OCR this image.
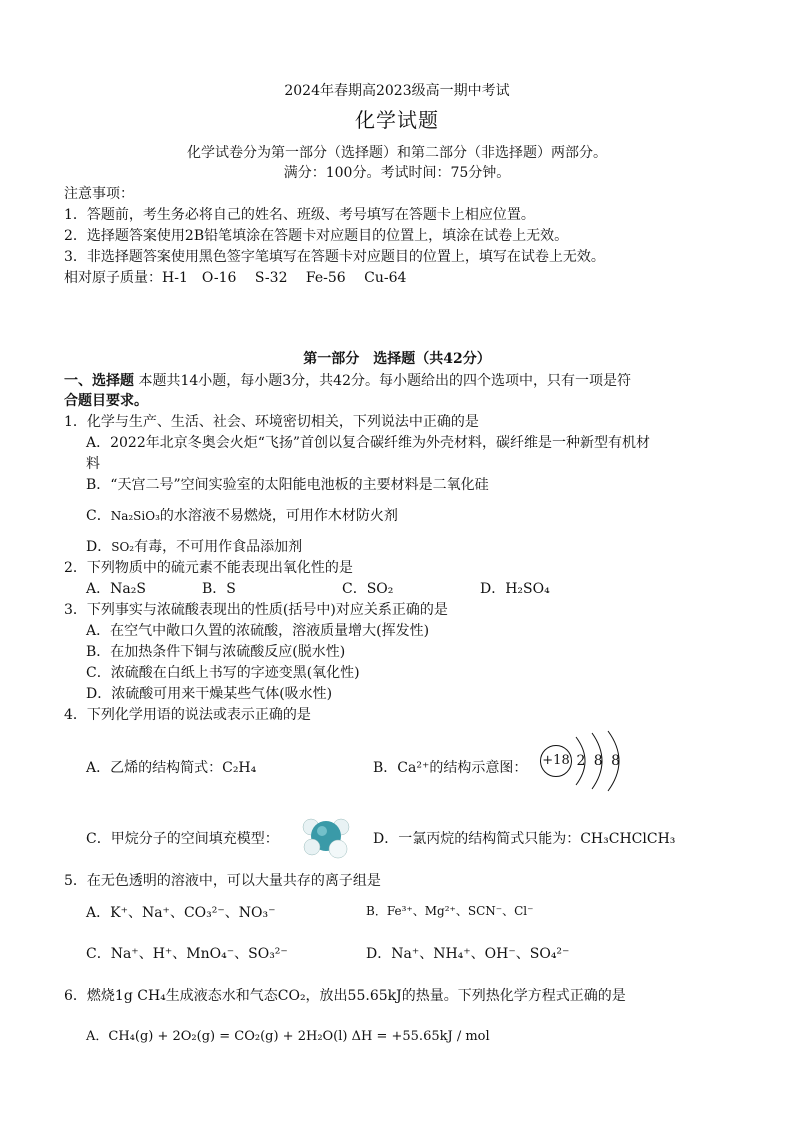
2024年春期高2023级高一期中考试
化学试题
化学试卷分为第一部分（选择题）和第二部分（非选择题）两部分。
满分：100分。考试时间：75分钟。
注意事项：
1．答题前，考生务必将自己的姓名、班级、考号填写在答题卡上相应位置。
2．选择题答案使用2B铅笔填涂在答题卡对应题目的位置上，填涂在试卷上无效。
3．非选择题答案使用黑色签字笔填写在答题卡对应题目的位置上，填写在试卷上无效。
相对原子质量：H-1　O-16　 S-32　 Fe-56　 Cu-64
第一部分　选择题（共42分）
一、选择题 本题共14小题，每小题3分，共42分。每小题给出的四个选项中，只有一项是符
合题目要求。
1．化学与生产、生活、社会、环境密切相关，下列说法中正确的是
A．2022年北京冬奥会火炬“飞扬”首创以复合碳纤维为外壳材料，碳纤维是一种新型有机材
料
B．“天宫二号”空间实验室的太阳能电池板的主要材料是二氧化硅
C．Na₂SiO₃的水溶液不易燃烧，可用作木材防火剂
D．SO₂有毒，不可用作食品添加剂
2．下列物质中的硫元素不能表现出氧化性的是
A．Na₂S	B．S	C．SO₂	D．H₂SO₄
3．下列事实与浓硫酸表现出的性质(括号中)对应关系正确的是
A．在空气中敞口久置的浓硫酸，溶液质量增大(挥发性)
B．在加热条件下铜与浓硫酸反应(脱水性)
C．浓硫酸在白纸上书写的字迹变黑(氧化性)
D．浓硫酸可用来干燥某些气体(吸水性)
4．下列化学用语的说法或表示正确的是
A．乙烯的结构简式：C₂H₄	B．Ca²⁺的结构示意图： +18 2 8 8
C．甲烷分子的空间填充模型：	D．一氯丙烷的结构简式只能为：CH₃CHClCH₃
5．在无色透明的溶液中，可以大量共存的离子组是
A．K⁺、Na⁺、CO₃²⁻、NO₃⁻	B．Fe³⁺、Mg²⁺、SCN⁻、Cl⁻
C．Na⁺、H⁺、MnO₄⁻、SO₃²⁻	D．Na⁺、NH₄⁺、OH⁻、SO₄²⁻
6．燃烧1g CH₄生成液态水和气态CO₂，放出55.65kJ的热量。下列热化学方程式正确的是
A．CH₄(g) + 2O₂(g) = CO₂(g) + 2H₂O(l) ΔH = +55.65kJ / mol
